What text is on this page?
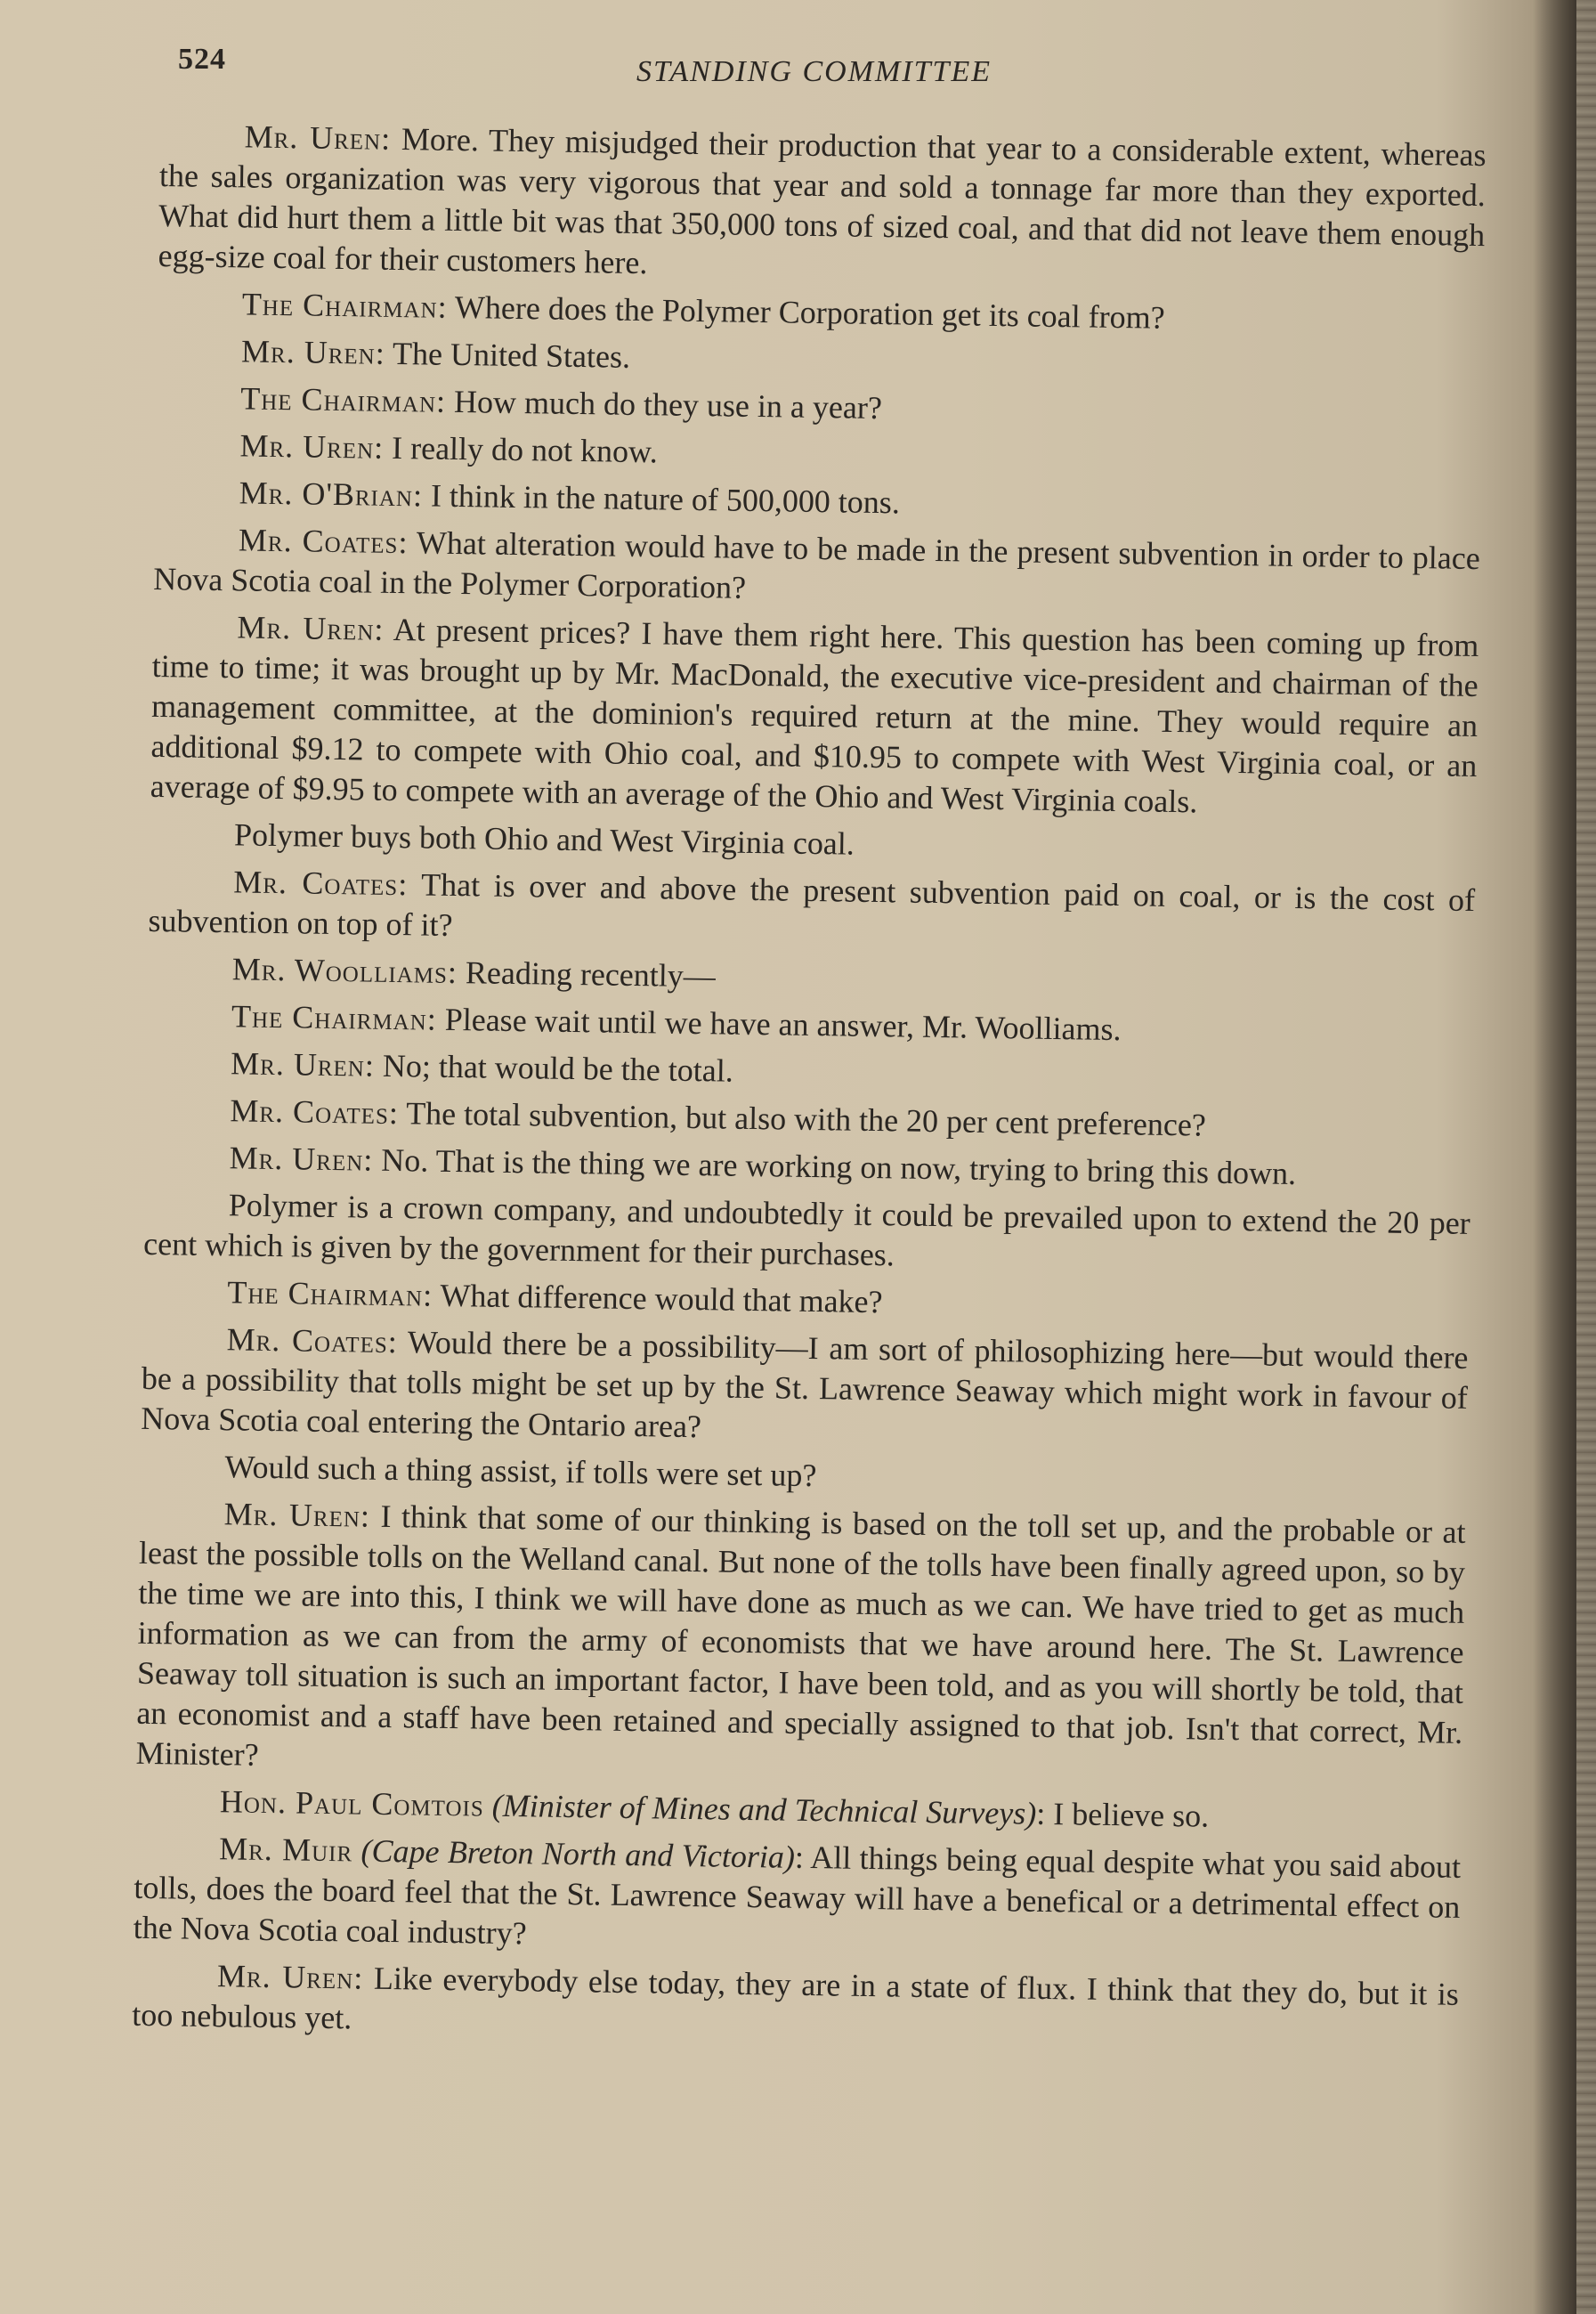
524	STANDING COMMITTEE

Mr. Uren: More. They misjudged their production that year to a considerable extent, whereas the sales organization was very vigorous that year and sold a tonnage far more than they exported. What did hurt them a little bit was that 350,000 tons of sized coal, and that did not leave them enough egg-size coal for their customers here.

The Chairman: Where does the Polymer Corporation get its coal from?

Mr. Uren: The United States.

The Chairman: How much do they use in a year?

Mr. Uren: I really do not know.

Mr. O'Brian: I think in the nature of 500,000 tons.

Mr. Coates: What alteration would have to be made in the present subvention in order to place Nova Scotia coal in the Polymer Corporation?

Mr. Uren: At present prices? I have them right here. This question has been coming up from time to time; it was brought up by Mr. MacDonald, the executive vice-president and chairman of the management committee, at the dominion's required return at the mine. They would require an additional $9.12 to compete with Ohio coal, and $10.95 to compete with West Virginia coal, or an average of $9.95 to compete with an average of the Ohio and West Virginia coals.

Polymer buys both Ohio and West Virginia coal.

Mr. Coates: That is over and above the present subvention paid on coal, or is the cost of subvention on top of it?

Mr. Woolliams: Reading recently—

The Chairman: Please wait until we have an answer, Mr. Woolliams.

Mr. Uren: No; that would be the total.

Mr. Coates: The total subvention, but also with the 20 per cent preference?

Mr. Uren: No. That is the thing we are working on now, trying to bring this down.

Polymer is a crown company, and undoubtedly it could be prevailed upon to extend the 20 per cent which is given by the government for their purchases.

The Chairman: What difference would that make?

Mr. Coates: Would there be a possibility—I am sort of philosophizing here—but would there be a possibility that tolls might be set up by the St. Lawrence Seaway which might work in favour of Nova Scotia coal entering the Ontario area?

Would such a thing assist, if tolls were set up?

Mr. Uren: I think that some of our thinking is based on the toll set up, and the probable or at least the possible tolls on the Welland canal. But none of the tolls have been finally agreed upon, so by the time we are into this, I think we will have done as much as we can. We have tried to get as much information as we can from the army of economists that we have around here. The St. Lawrence Seaway toll situation is such an important factor, I have been told, and as you will shortly be told, that an economist and a staff have been retained and specially assigned to that job. Isn't that correct, Mr. Minister?

Hon. Paul Comtois (Minister of Mines and Technical Surveys): I believe so.

Mr. Muir (Cape Breton North and Victoria): All things being equal despite what you said about tolls, does the board feel that the St. Lawrence Seaway will have a benefical or a detrimental effect on the Nova Scotia coal industry?

Mr. Uren: Like everybody else today, they are in a state of flux. I think that they do, but it is too nebulous yet.
